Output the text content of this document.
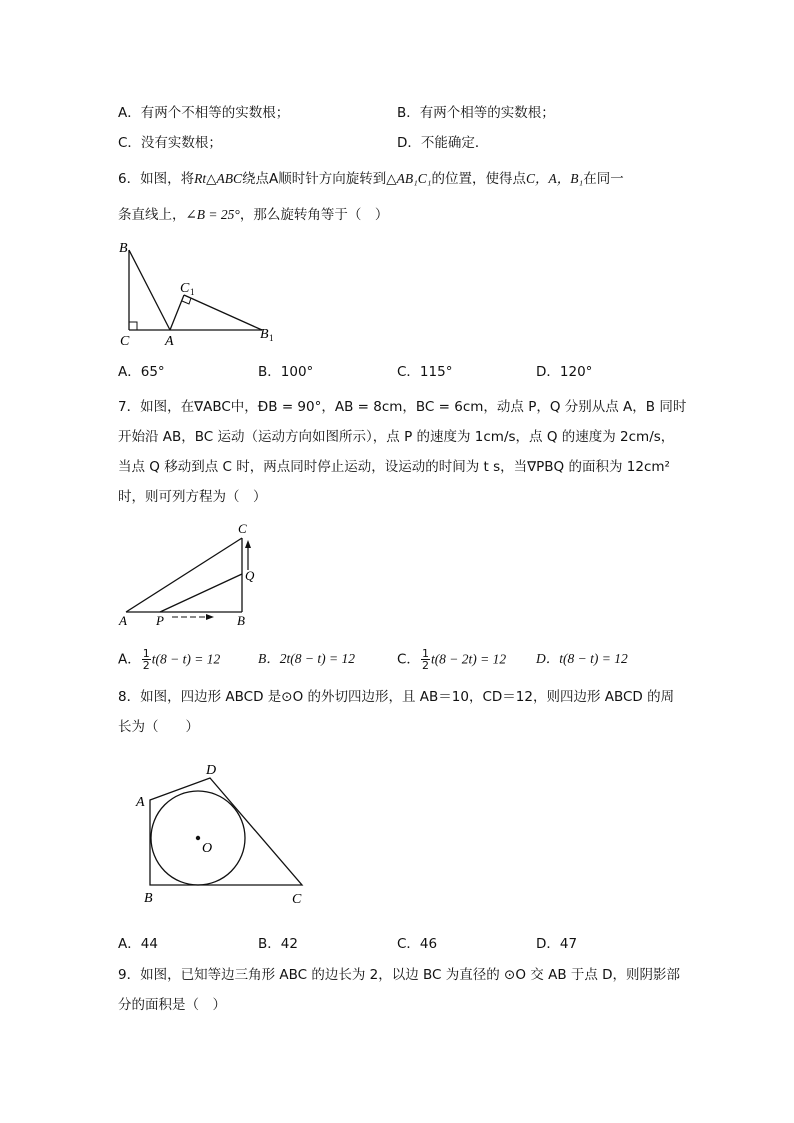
A．有两个不相等的实数根；	B．有两个相等的实数根；
C．没有实数根；	D．不能确定．
6．如图，将Rt△ABC绕点A顺时针方向旋转到△AB₁C₁的位置，使得点C，A，B₁在同一
条直线上，∠B = 25°，那么旋转角等于（　）
B
C	A
C 1
B 1
A．65°	B．100°	C．115°	D．120°
7．如图，在∇ABC中，ÐB = 90°，AB = 8cm，BC = 6cm，动点 P，Q 分别从点 A，B 同时
开始沿 AB，BC 运动（运动方向如图所示），点 P 的速度为 1cm/s，点 Q 的速度为 2cm/s，
当点 Q 移动到点 C 时，两点同时停止运动，设运动的时间为 t s，当∇PBQ 的面积为 12cm²
时，则可列方程为（　）
A P	B
Q
C
A． $\frac{1}{2} t(8 - t) = 12$	B．2t(8 − t) = 12	C． $\frac{1}{2} t(8 - 2t) = 12$ D．t(8 − t) = 12
8．如图，四边形 ABCD 是⊙O 的外切四边形，且 AB＝10，CD＝12，则四边形 ABCD 的周
长为（　　）
A
D
O
B	C
A．44	B．42	C．46	D．47
9．如图，已知等边三角形 ABC 的边长为 2，以边 BC 为直径的 ⊙O 交 AB 于点 D，则阴影部
分的面积是（　）
